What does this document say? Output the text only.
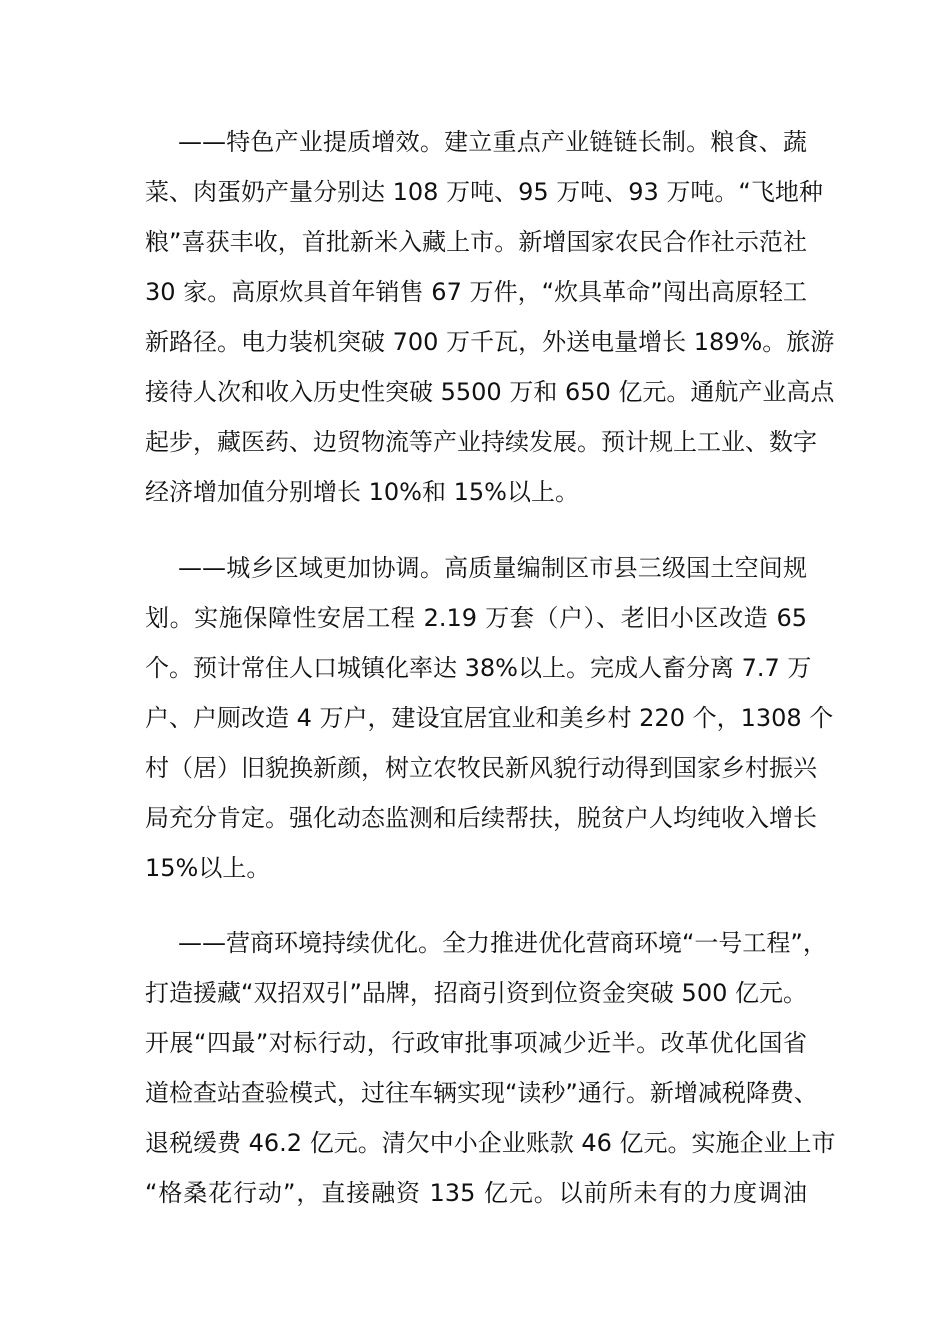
——特色产业提质增效。建立重点产业链链长制。粮食、蔬
菜、肉蛋奶产量分别达 108 万吨、95 万吨、93 万吨。“飞地种
粮”喜获丰收，首批新米入藏上市。新增国家农民合作社示范社
30 家。高原炊具首年销售 67 万件，“炊具革命”闯出高原轻工
新路径。电力装机突破 700 万千瓦，外送电量增长 189%。旅游
接待人次和收入历史性突破 5500 万和 650 亿元。通航产业高点
起步，藏医药、边贸物流等产业持续发展。预计规上工业、数字
经济增加值分别增长 10%和 15%以上。
——城乡区域更加协调。高质量编制区市县三级国土空间规
划。实施保障性安居工程 2.19 万套（户）、老旧小区改造 65
个。预计常住人口城镇化率达 38%以上。完成人畜分离 7.7 万
户、户厕改造 4 万户，建设宜居宜业和美乡村 220 个，1308 个
村（居）旧貌换新颜，树立农牧民新风貌行动得到国家乡村振兴
局充分肯定。强化动态监测和后续帮扶，脱贫户人均纯收入增长
15%以上。
——营商环境持续优化。全力推进优化营商环境“一号工程”，
打造援藏“双招双引”品牌，招商引资到位资金突破 500 亿元。
开展“四最”对标行动，行政审批事项减少近半。改革优化国省
道检查站查验模式，过往车辆实现“读秒”通行。新增减税降费、
退税缓费 46.2 亿元。清欠中小企业账款 46 亿元。实施企业上市
“格桑花行动”，直接融资 135 亿元。以前所未有的力度调油
